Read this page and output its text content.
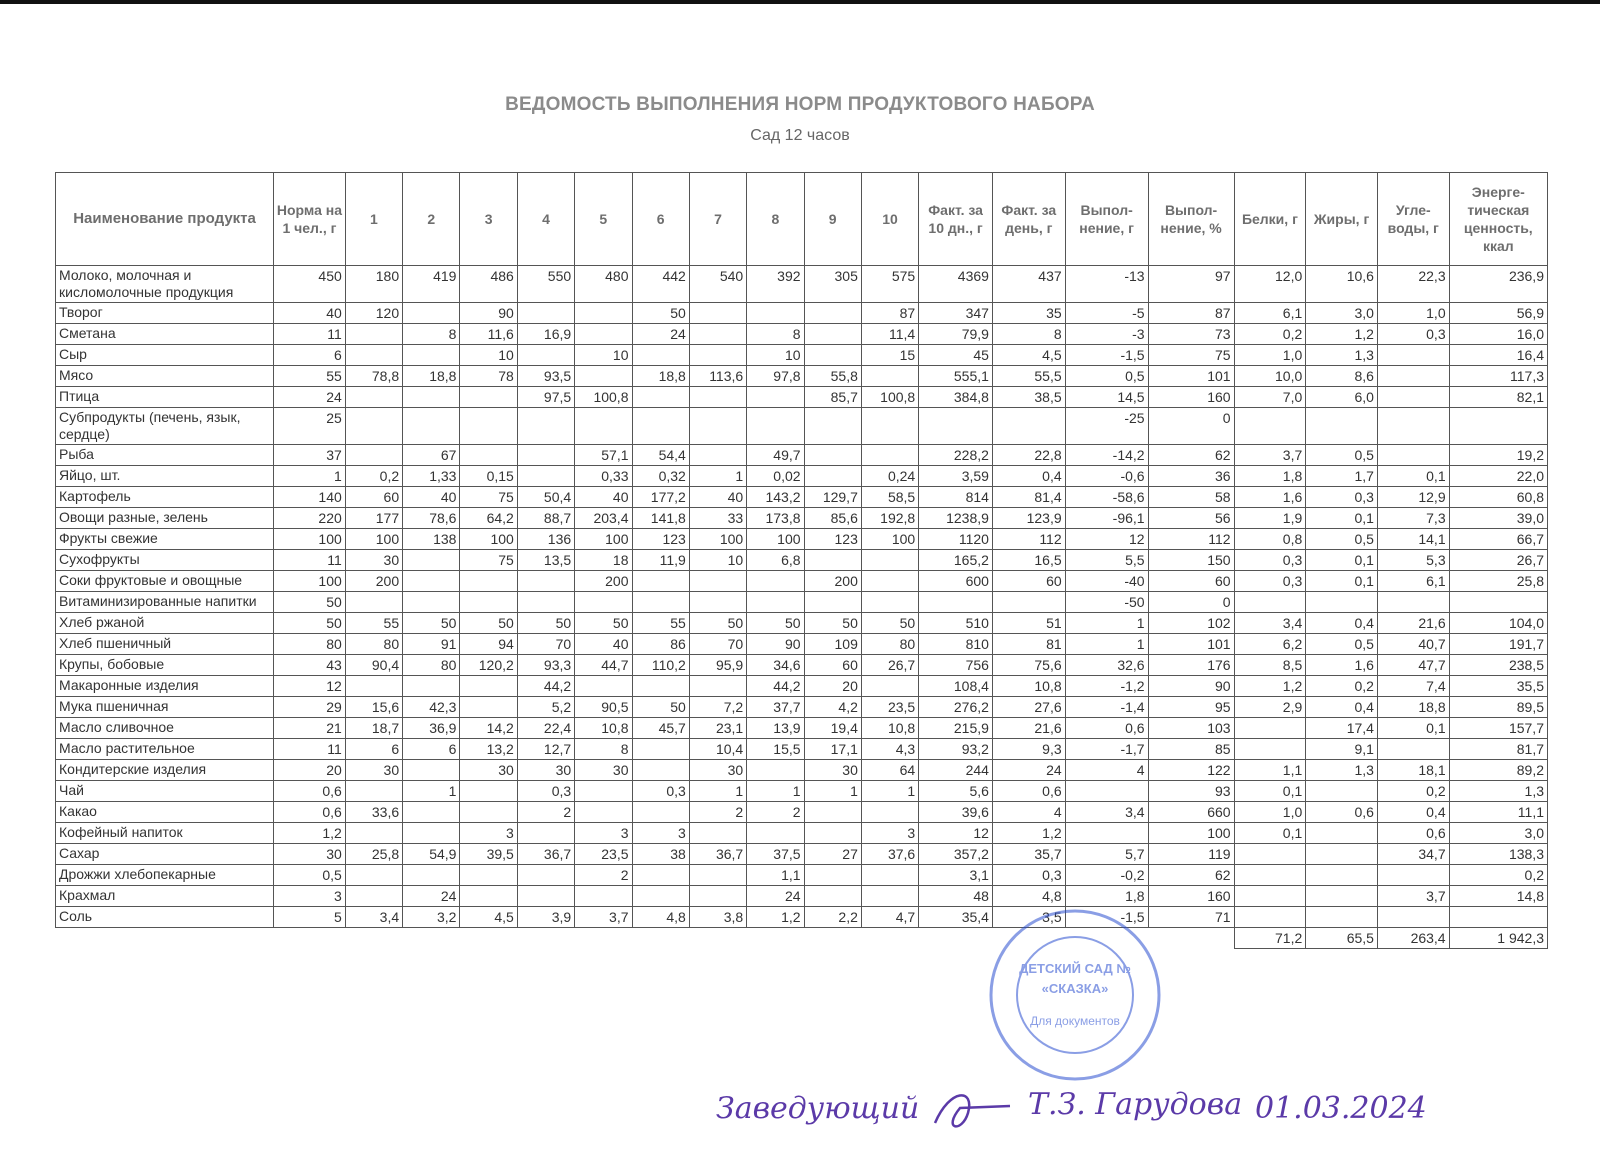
ВЕДОМОСТЬ ВЫПОЛНЕНИЯ НОРМ ПРОДУКТОВОГО НАБОРА
Сад 12 часов
Наименование продукта	Норма на 1 чел., г	1	2	3	4	5	6	7	8	9	10	Факт. за 10 дн., г	Факт. за день, г	Выпол-нение, г	Выпол-нение, %	Белки, г	Жиры, г	Угле-воды, г	Энерге-тическая ценность, ккал
Молоко, молочная и кисломолочные продукция	450	180	419	486	550	480	442	540	392	305	575	4369	437	-13	97	12,0	10,6	22,3	236,9
Творог	40	120		90			50				87	347	35	-5	87	6,1	3,0	1,0	56,9
Сметана	11		8	11,6	16,9		24		8		11,4	79,9	8	-3	73	0,2	1,2	0,3	16,0
Сыр	6			10		10			10		15	45	4,5	-1,5	75	1,0	1,3		16,4
Мясо	55	78,8	18,8	78	93,5		18,8	113,6	97,8	55,8		555,1	55,5	0,5	101	10,0	8,6		117,3
Птица	24				97,5	100,8				85,7	100,8	384,8	38,5	14,5	160	7,0	6,0		82,1
Субпродукты (печень, язык, сердце)	25													-25	0				
Рыба	37		67			57,1	54,4		49,7			228,2	22,8	-14,2	62	3,7	0,5		19,2
Яйцо, шт.	1	0,2	1,33	0,15		0,33	0,32	1	0,02		0,24	3,59	0,4	-0,6	36	1,8	1,7	0,1	22,0
Картофель	140	60	40	75	50,4	40	177,2	40	143,2	129,7	58,5	814	81,4	-58,6	58	1,6	0,3	12,9	60,8
Овощи разные, зелень	220	177	78,6	64,2	88,7	203,4	141,8	33	173,8	85,6	192,8	1238,9	123,9	-96,1	56	1,9	0,1	7,3	39,0
Фрукты свежие	100	100	138	100	136	100	123	100	100	123	100	1120	112	12	112	0,8	0,5	14,1	66,7
Сухофрукты	11	30		75	13,5	18	11,9	10	6,8			165,2	16,5	5,5	150	0,3	0,1	5,3	26,7
Соки фруктовые и овощные	100	200				200				200		600	60	-40	60	0,3	0,1	6,1	25,8
Витаминизированные напитки	50													-50	0				
Хлеб ржаной	50	55	50	50	50	50	55	50	50	50	50	510	51	1	102	3,4	0,4	21,6	104,0
Хлеб пшеничный	80	80	91	94	70	40	86	70	90	109	80	810	81	1	101	6,2	0,5	40,7	191,7
Крупы, бобовые	43	90,4	80	120,2	93,3	44,7	110,2	95,9	34,6	60	26,7	756	75,6	32,6	176	8,5	1,6	47,7	238,5
Макаронные изделия	12				44,2				44,2	20		108,4	10,8	-1,2	90	1,2	0,2	7,4	35,5
Мука пшеничная	29	15,6	42,3		5,2	90,5	50	7,2	37,7	4,2	23,5	276,2	27,6	-1,4	95	2,9	0,4	18,8	89,5
Масло сливочное	21	18,7	36,9	14,2	22,4	10,8	45,7	23,1	13,9	19,4	10,8	215,9	21,6	0,6	103		17,4	0,1	157,7
Масло растительное	11	6	6	13,2	12,7	8		10,4	15,5	17,1	4,3	93,2	9,3	-1,7	85		9,1		81,7
Кондитерские изделия	20	30		30	30	30		30		30	64	244	24	4	122	1,1	1,3	18,1	89,2
Чай	0,6		1		0,3		0,3	1	1	1	1	5,6	0,6		93	0,1		0,2	1,3
Какао	0,6	33,6			2			2	2			39,6	4	3,4	660	1,0	0,6	0,4	11,1
Кофейный напиток	1,2			3		3	3				3	12	1,2		100	0,1		0,6	3,0
Сахар	30	25,8	54,9	39,5	36,7	23,5	38	36,7	37,5	27	37,6	357,2	35,7	5,7	119			34,7	138,3
Дрожжи хлебопекарные	0,5					2			1,1			3,1	0,3	-0,2	62				0,2
Крахмал	3		24						24			48	4,8	1,8	160			3,7	14,8
Соль	5	3,4	3,2	4,5	3,9	3,7	4,8	3,8	1,2	2,2	4,7	35,4	3,5	-1,5	71				
																71,2	65,5	263,4	1 942,3
ДЕТСКИЙ САД №
«СКАЗКА»
Для документов
Заведующий	Т.З. Гарудова 01.03.2024
